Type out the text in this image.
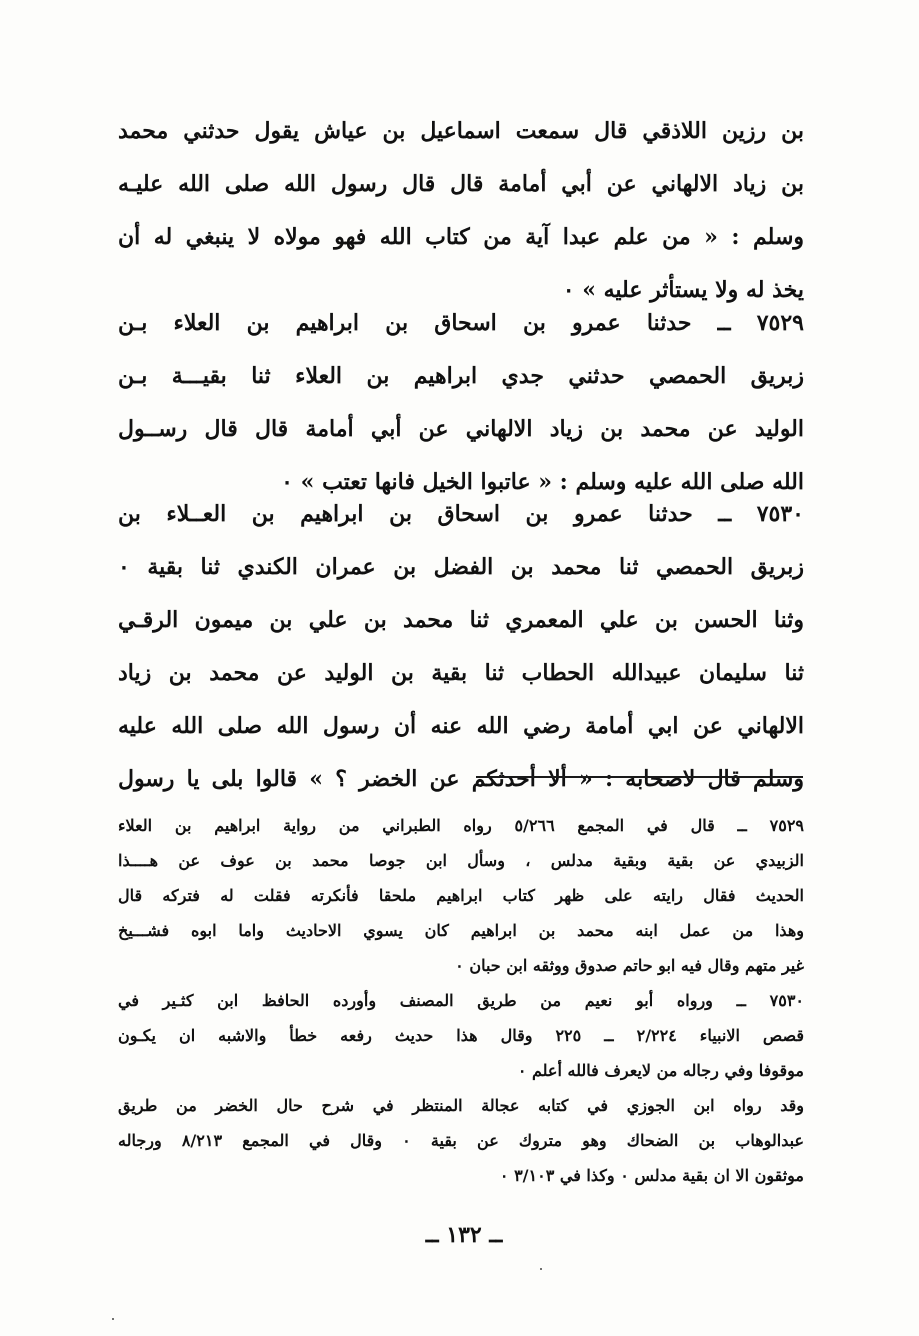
بن رزين اللاذقي قال سمعت اسماعيل بن عياش يقول حدثني محمد
بن زياد الالهاني عن أبي أمامة قال قال رسول الله صلى الله عليـه
وسلم : « من علم عبدا آية من كتاب الله فهو مولاه لا ينبغي له أن
يخذ له ولا يستأثر عليه » ٠
٧٥٢٩ ــ حدثنا عمرو بن اسحاق بن ابراهيم بن العلاء بـن
زبريق الحمصي حدثني جدي ابراهيم بن العلاء ثنا بقيـــة بـن
الوليد عن محمد بن زياد الالهاني عن أبي أمامة قال قال رســول
الله صلى الله عليه وسلم : « عاتبوا الخيل فانها تعتب » ٠
٧٥٣٠ ــ حدثنا عمرو بن اسحاق بن ابراهيم بن العــلاء بن
زبريق الحمصي ثنا محمد بن الفضل بن عمران الكندي ثنا بقية ٠
وثنا الحسن بن علي المعمري ثنا محمد بن علي بن ميمون الرقـي
ثنا سليمان عبيدالله الحطاب ثنا بقية بن الوليد عن محمد بن زياد
الالهاني عن ابي أمامة رضي الله عنه أن رسول الله صلى الله عليه
وسلم قال لاصحابه : « ألا أحدثكم عن الخضر ؟ » قالوا بلى يا رسول
٧٥٢٩ ــ قال في المجمع ٥/٢٦٦ رواه الطبراني من رواية ابراهيم بن العلاء
الزبيدي عن بقية وبقية مدلس ، وسأل ابن جوصا محمد بن عوف عن هــــذا
الحديث فقال رايته على ظهر كتاب ابراهيم ملحقا فأنكرته فقلت له فتركه قال
وهذا من عمل ابنه محمد بن ابراهيم كان يسوي الاحاديث واما ابوه فشـــيخ
غير متهم وقال فيه ابو حاتم صدوق ووثقه ابن حبان ٠
٧٥٣٠ ــ ورواه أبو نعيم من طريق المصنف وأورده الحافظ ابن كثـير في
قصص الانبياء ٢/٢٢٤ ــ ٢٢٥ وقال هذا حديث رفعه خطأ والاشبه ان يكـون
موقوفا وفي رجاله من لايعرف فالله أعلم ٠
وقد رواه ابن الجوزي في كتابه عجالة المنتظر في شرح حال الخضر من طريق
عبدالوهاب بن الضحاك وهو متروك عن بقية ٠ وقال في المجمع ٨/٢١٣ ورجاله
موثقون الا ان بقية مدلس ٠ وكذا في ٣/١٠٣ ٠
ــ ١٣٢ ــ
